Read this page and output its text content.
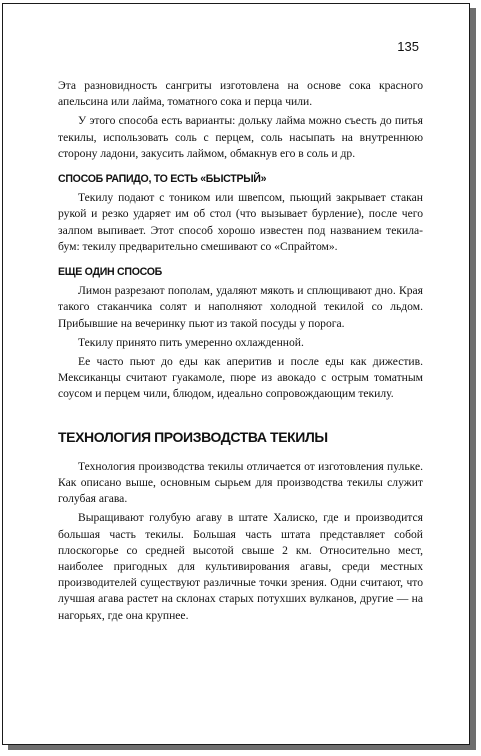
135

Эта разновидность сангриты изготовлена на основе сока красного апельсина или лайма, томатного сока и перца чили.

У этого способа есть варианты: дольку лайма можно съесть до питья текилы, использовать соль с перцем, соль насыпать на внутреннюю сторону ладони, закусить лаймом, обмакнув его в соль и др.

СПОСОБ РАПИДО, ТО ЕСТЬ «БЫСТРЫЙ»

Текилу подают с тоником или швепсом, пьющий закрывает стакан рукой и резко ударяет им об стол (что вызывает бурление), после чего залпом выпивает. Этот способ хорошо известен под названием текила-бум: текилу предварительно смешивают со «Спрайтом».

ЕЩЕ ОДИН СПОСОБ

Лимон разрезают пополам, удаляют мякоть и сплющивают дно. Края такого стаканчика солят и наполняют холодной текилой со льдом. Прибывшие на вечеринку пьют из такой посуды у порога.

Текилу принято пить умеренно охлажденной.

Ее часто пьют до еды как аперитив и после еды как дижестив. Мексиканцы считают гуакамоле, пюре из авокадо с острым томатным соусом и перцем чили, блюдом, идеально сопровождающим текилу.

ТЕХНОЛОГИЯ ПРОИЗВОДСТВА ТЕКИЛЫ

Технология производства текилы отличается от изготовления пульке. Как описано выше, основным сырьем для производства текилы служит голубая агава.

Выращивают голубую агаву в штате Халиско, где и производится большая часть текилы. Большая часть штата представляет собой плоскогорье со средней высотой свыше 2 км. Относительно мест, наиболее пригодных для культивирования агавы, среди местных производителей существуют различные точки зрения. Одни считают, что лучшая агава растет на склонах старых потухших вулканов, другие — на нагорьях, где она крупнее.
